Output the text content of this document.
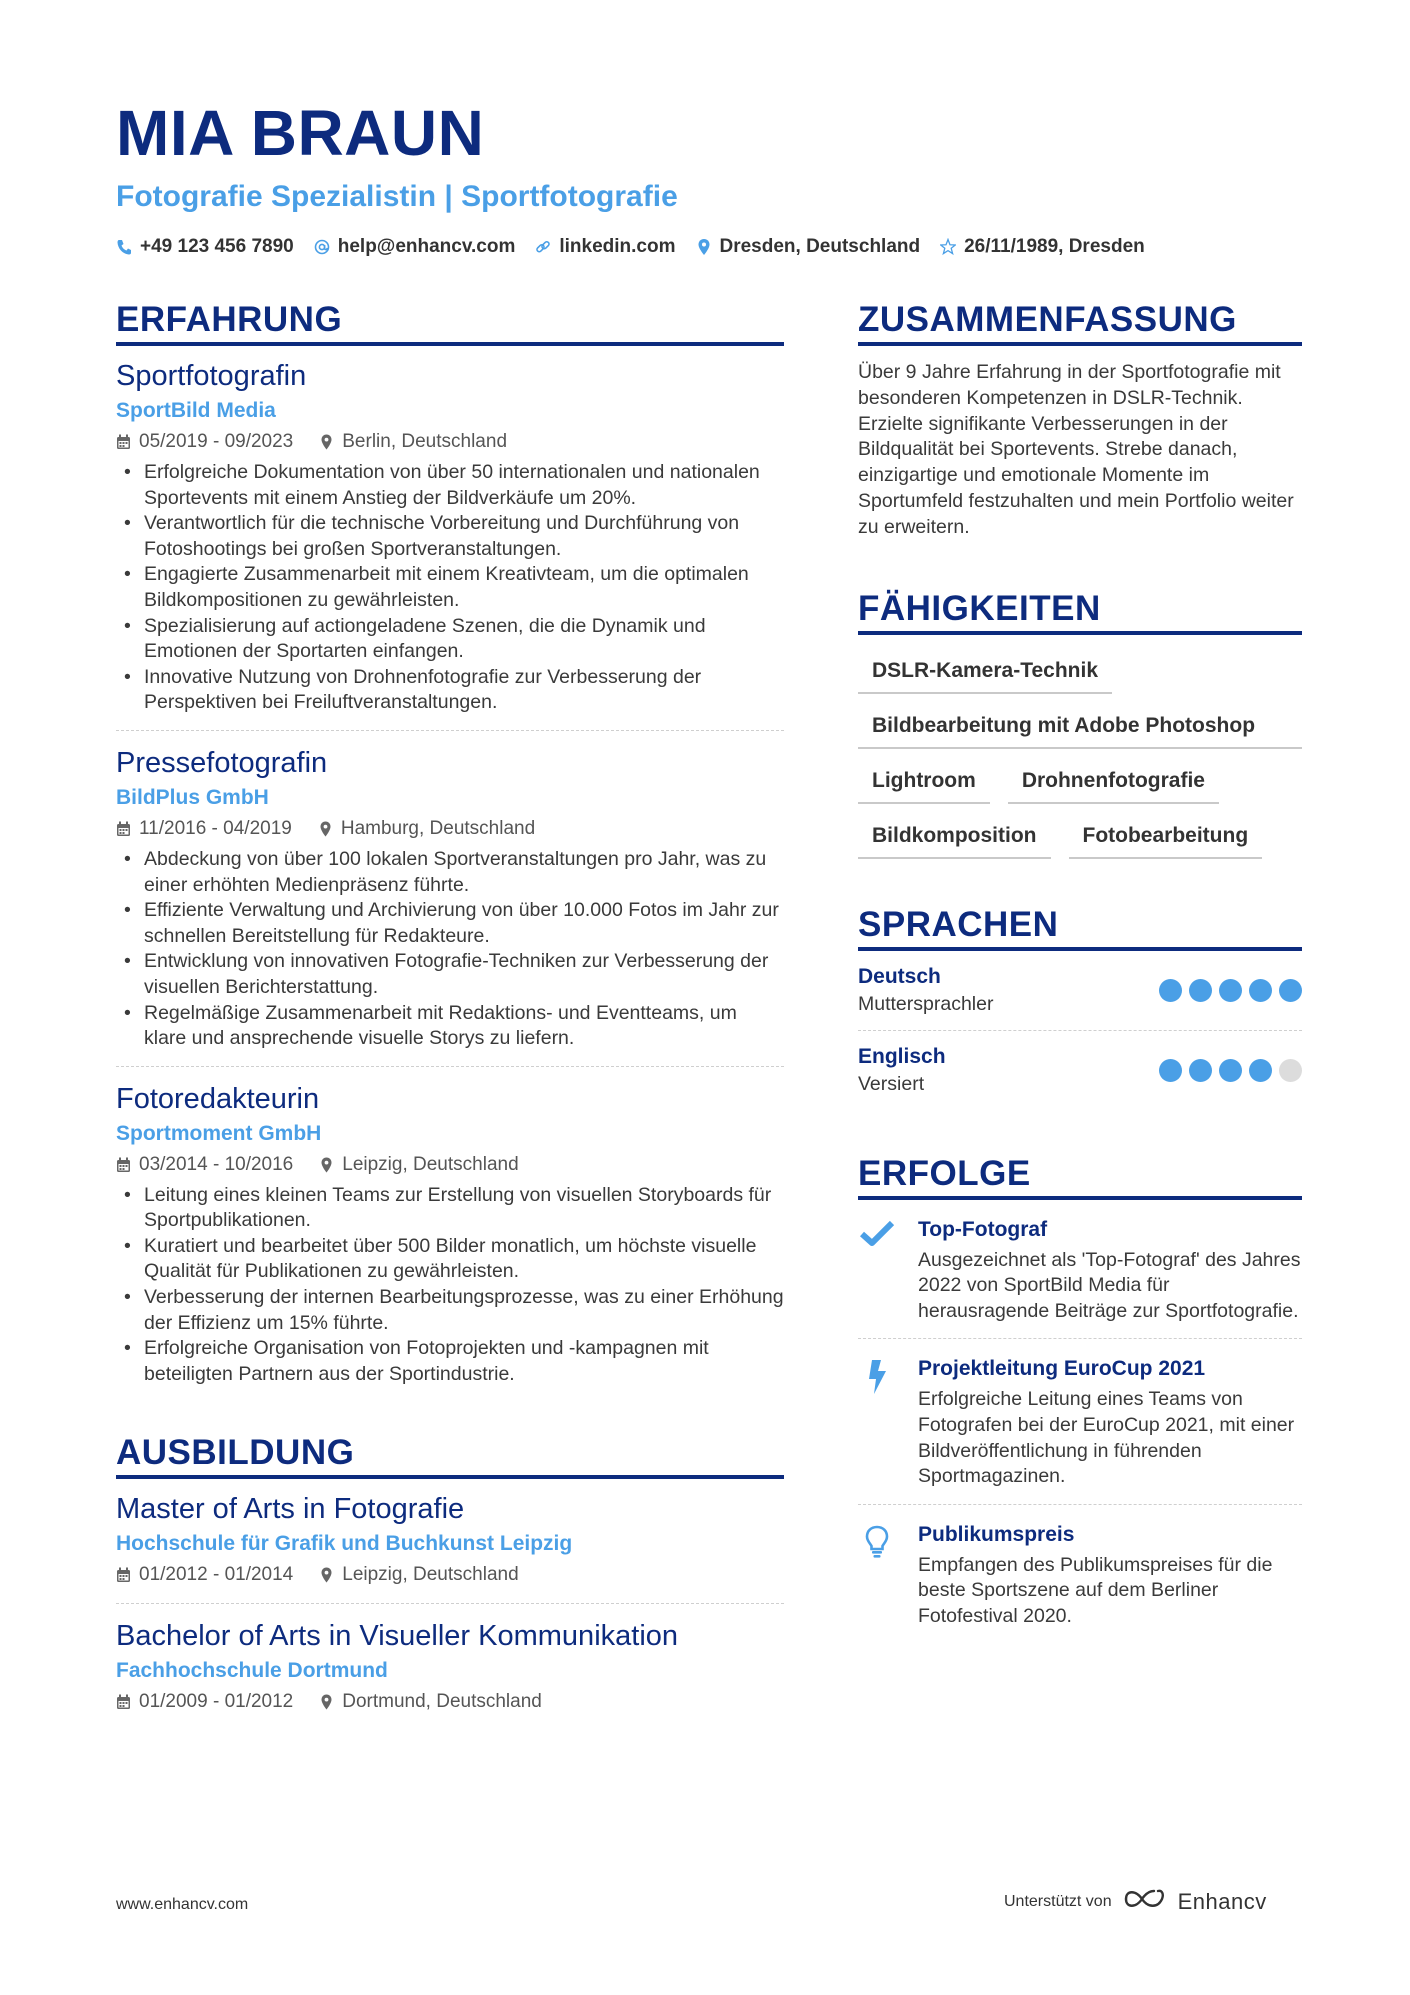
MIA BRAUN
Fotografie Spezialistin | Sportfotografie
+49 123 456 7890 help@enhancv.com linkedin.com Dresden, Deutschland 26/11/1989, Dresden
ERFAHRUNG
Sportfotografin
SportBild Media
05/2019 - 09/2023	Berlin, Deutschland
• Erfolgreiche Dokumentation von über 50 internationalen und nationalen Sportevents mit einem Anstieg der Bildverkäufe um 20%.
• Verantwortlich für die technische Vorbereitung und Durchführung von Fotoshootings bei großen Sportveranstaltungen.
• Engagierte Zusammenarbeit mit einem Kreativteam, um die optimalen Bildkompositionen zu gewährleisten.
• Spezialisierung auf actiongeladene Szenen, die die Dynamik und Emotionen der Sportarten einfangen.
• Innovative Nutzung von Drohnenfotografie zur Verbesserung der Perspektiven bei Freiluftveranstaltungen.
Pressefotografin
BildPlus GmbH
11/2016 - 04/2019	Hamburg, Deutschland
• Abdeckung von über 100 lokalen Sportveranstaltungen pro Jahr, was zu einer erhöhten Medienpräsenz führte.
• Effiziente Verwaltung und Archivierung von über 10.000 Fotos im Jahr zur schnellen Bereitstellung für Redakteure.
• Entwicklung von innovativen Fotografie-Techniken zur Verbesserung der visuellen Berichterstattung.
• Regelmäßige Zusammenarbeit mit Redaktions- und Eventteams, um klare und ansprechende visuelle Storys zu liefern.
Fotoredakteurin
Sportmoment GmbH
03/2014 - 10/2016	Leipzig, Deutschland
• Leitung eines kleinen Teams zur Erstellung von visuellen Storyboards für Sportpublikationen.
• Kuratiert und bearbeitet über 500 Bilder monatlich, um höchste visuelle Qualität für Publikationen zu gewährleisten.
• Verbesserung der internen Bearbeitungsprozesse, was zu einer Erhöhung der Effizienz um 15% führte.
• Erfolgreiche Organisation von Fotoprojekten und -kampagnen mit beteiligten Partnern aus der Sportindustrie.
AUSBILDUNG
Master of Arts in Fotografie
Hochschule für Grafik und Buchkunst Leipzig
01/2012 - 01/2014	Leipzig, Deutschland
Bachelor of Arts in Visueller Kommunikation
Fachhochschule Dortmund
01/2009 - 01/2012	Dortmund, Deutschland
ZUSAMMENFASSUNG
Über 9 Jahre Erfahrung in der Sportfotografie mit besonderen Kompetenzen in DSLR-Technik. Erzielte signifikante Verbesserungen in der Bildqualität bei Sportevents. Strebe danach, einzigartige und emotionale Momente im Sportumfeld festzuhalten und mein Portfolio weiter zu erweitern.
FÄHIGKEITEN
DSLR-Kamera-Technik
Bildbearbeitung mit Adobe Photoshop
Lightroom	Drohnenfotografie
Bildkomposition	Fotobearbeitung
SPRACHEN
Deutsch
Muttersprachler
Englisch
Versiert
ERFOLGE
Top-Fotograf
Ausgezeichnet als 'Top-Fotograf' des Jahres 2022 von SportBild Media für herausragende Beiträge zur Sportfotografie.
Projektleitung EuroCup 2021
Erfolgreiche Leitung eines Teams von Fotografen bei der EuroCup 2021, mit einer Bildveröffentlichung in führenden Sportmagazinen.
Publikumspreis
Empfangen des Publikumspreises für die beste Sportszene auf dem Berliner Fotofestival 2020.
www.enhancv.com	Unterstützt von	Enhancv
